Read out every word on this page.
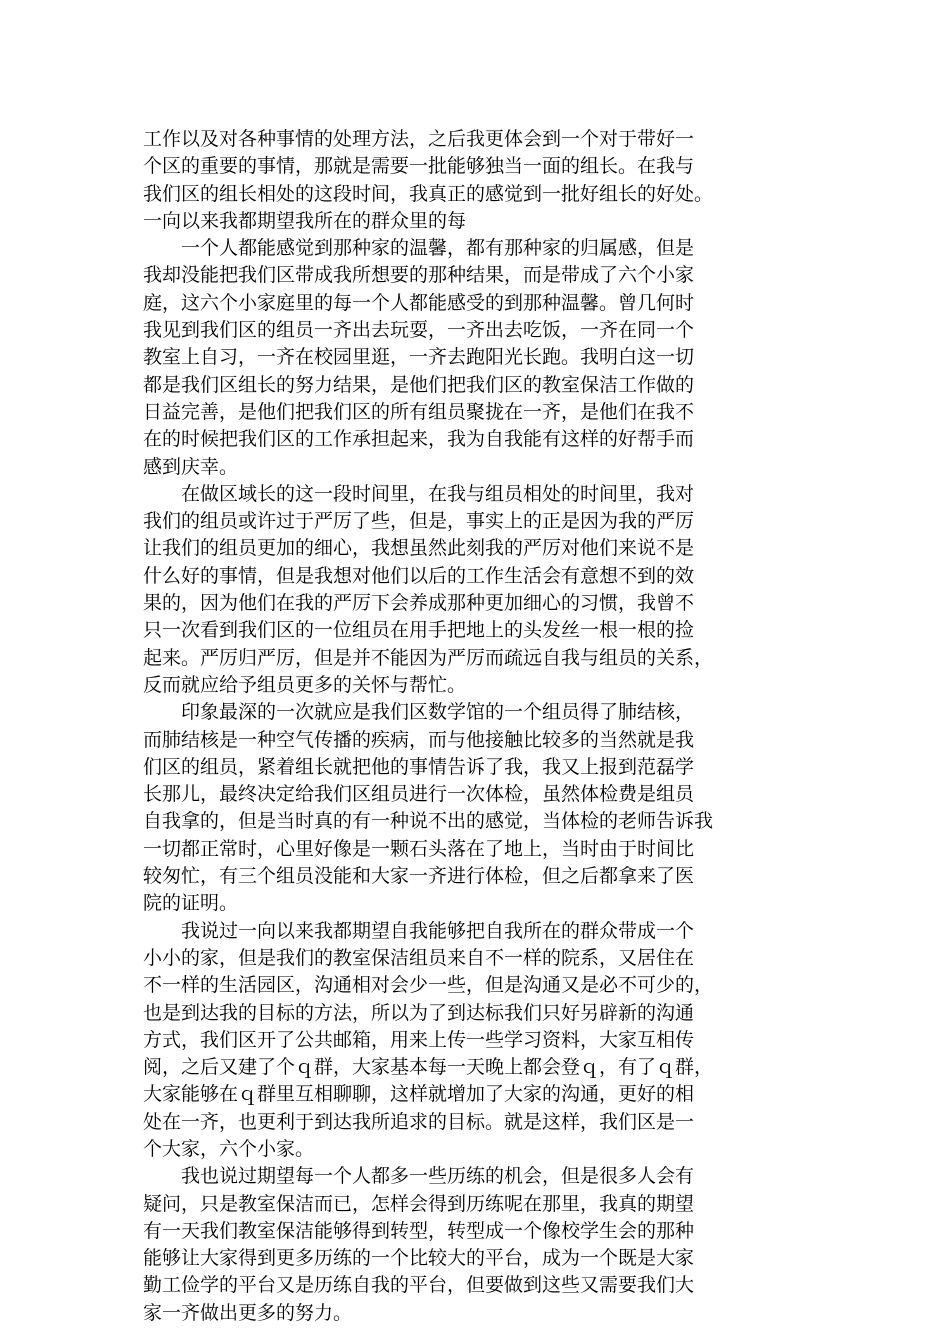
工作以及对各种事情的处理方法，之后我更体会到一个对于带好一
个区的重要的事情，那就是需要一批能够独当一面的组长。在我与
我们区的组长相处的这段时间，我真正的感觉到一批好组长的好处。
一向以来我都期望我所在的群众里的每
一个人都能感觉到那种家的温馨，都有那种家的归属感，但是
我却没能把我们区带成我所想要的那种结果，而是带成了六个小家
庭，这六个小家庭里的每一个人都能感受的到那种温馨。曾几何时
我见到我们区的组员一齐出去玩耍，一齐出去吃饭，一齐在同一个
教室上自习，一齐在校园里逛，一齐去跑阳光长跑。我明白这一切
都是我们区组长的努力结果，是他们把我们区的教室保洁工作做的
日益完善，是他们把我们区的所有组员聚拢在一齐，是他们在我不
在的时候把我们区的工作承担起来，我为自我能有这样的好帮手而
感到庆幸。
在做区域长的这一段时间里，在我与组员相处的时间里，我对
我们的组员或许过于严厉了些，但是，事实上的正是因为我的严厉
让我们的组员更加的细心，我想虽然此刻我的严厉对他们来说不是
什么好的事情，但是我想对他们以后的工作生活会有意想不到的效
果的，因为他们在我的严厉下会养成那种更加细心的习惯，我曾不
只一次看到我们区的一位组员在用手把地上的头发丝一根一根的捡
起来。严厉归严厉，但是并不能因为严厉而疏远自我与组员的关系，
反而就应给予组员更多的关怀与帮忙。
印象最深的一次就应是我们区数学馆的一个组员得了肺结核，
而肺结核是一种空气传播的疾病，而与他接触比较多的当然就是我
们区的组员，紧着组长就把他的事情告诉了我，我又上报到范磊学
长那儿，最终决定给我们区组员进行一次体检，虽然体检费是组员
自我拿的，但是当时真的有一种说不出的感觉，当体检的老师告诉我
一切都正常时，心里好像是一颗石头落在了地上，当时由于时间比
较匆忙，有三个组员没能和大家一齐进行体检，但之后都拿来了医
院的证明。
我说过一向以来我都期望自我能够把自我所在的群众带成一个
小小的家，但是我们的教室保洁组员来自不一样的院系，又居住在
不一样的生活园区，沟通相对会少一些，但是沟通又是必不可少的，
也是到达我的目标的方法，所以为了到达标我们只好另辟新的沟通
方式，我们区开了公共邮箱，用来上传一些学习资料，大家互相传
阅，之后又建了个ｑ群，大家基本每一天晚上都会登ｑ，有了ｑ群，
大家能够在ｑ群里互相聊聊，这样就增加了大家的沟通，更好的相
处在一齐，也更利于到达我所追求的目标。就是这样，我们区是一
个大家，六个小家。
我也说过期望每一个人都多一些历练的机会，但是很多人会有
疑问，只是教室保洁而已，怎样会得到历练呢在那里，我真的期望
有一天我们教室保洁能够得到转型，转型成一个像校学生会的那种
能够让大家得到更多历练的一个比较大的平台，成为一个既是大家
勤工俭学的平台又是历练自我的平台，但要做到这些又需要我们大
家一齐做出更多的努力。
